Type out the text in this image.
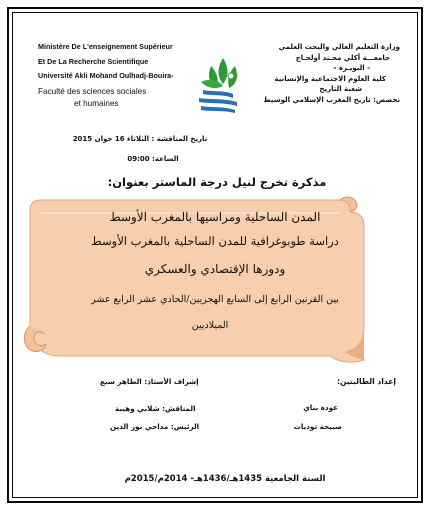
Ministère De L'enseignement Supérieur
Et De La Recherche Scientifique
Université Akli Mohand Oulhadj-Bouira-
Faculté des sciences sociales
et humaines
وزارة التعليم العالي والبحث العلمي
جامعـــة أكلي محـند أولحـاج
- البويـرة -
كلية العلوم الاجتماعية والإنسانية
شعبة التاريخ
تخصص: تاريخ المغرب الإسلامي الوسيط
تاريخ المناقشة : الثلاثاء 16 جوان 2015
الساعة: 09:00
مذكرة تخرج لنيل درجة الماستر بعنوان:
المدن الساحلية ومراسيها بالمغرب الأوسط
دراسة طوبوغرافية للمدن الساحلية بالمغرب الأوسط
ودورها الإقتصادي والعسكري
بين القرنين الرابع إلى السابع الهجريين/الحادي عشر الرابع عشر
الميلاديين
إشراف الأستاذ: الطاهر سبع	إعداد الطالبتين:
عودة بناي
صبيحة توديات
المناقش: شلابي وهيبة
الرئيس: مداحي نور الدين
السنة الجامعية 1435هـ/1436هـ- 2014م/2015م
